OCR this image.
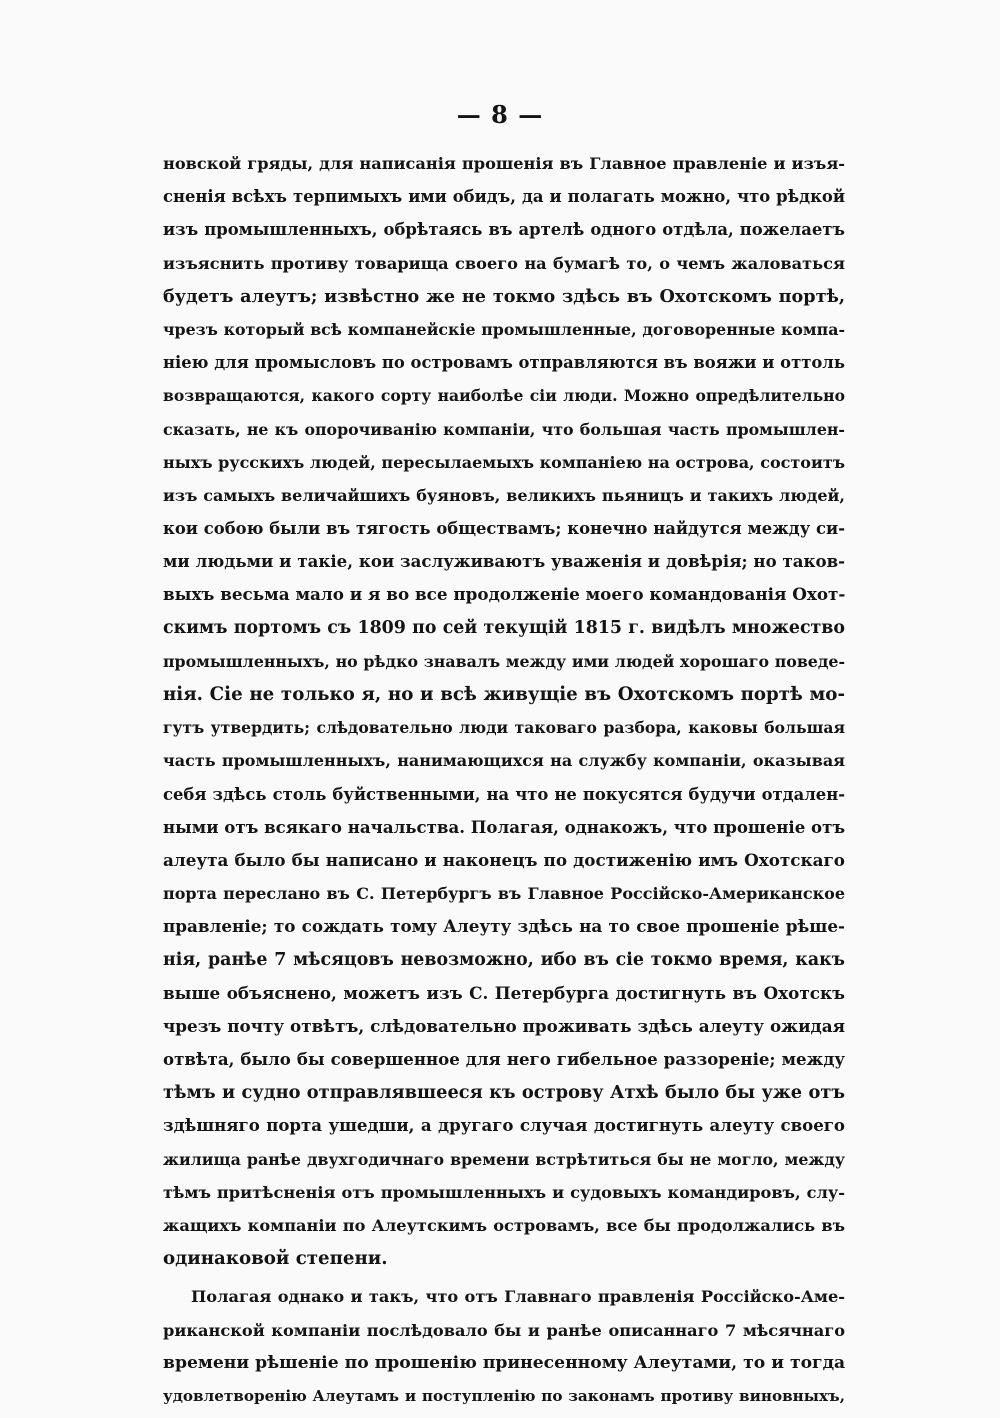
— 8 —
новской гряды, для написанія прошенія въ Главное правленіе и изъя-
сненія всѣхъ терпимыхъ ими обидъ, да и полагать можно, что рѣдкой
изъ промышленныхъ, обрѣтаясь въ артелѣ одного отдѣла, пожелаетъ
изъяснить противу товарища своего на бумагѣ то, о чемъ жаловаться
будетъ алеутъ; извѣстно же не токмо здѣсь въ Охотскомъ портѣ,
чрезъ который всѣ компанейскіе промышленные, договоренные компа-
ніею для промысловъ по островамъ отправляются въ вояжи и оттоль
возвращаются, какого сорту наиболѣе сіи люди. Можно опредѣлительно
сказать, не къ опорочиванію компаніи, что большая часть промышлен-
ныхъ русскихъ людей, пересылаемыхъ компаніею на острова, состоитъ
изъ самыхъ величайшихъ буяновъ, великихъ пьяницъ и такихъ людей,
кои собою были въ тягость обществамъ; конечно найдутся между си-
ми людьми и такіе, кои заслуживаютъ уваженія и довѣрія; но таков-
выхъ весьма мало и я во все продолженіе моего командованія Охот-
скимъ портомъ съ 1809 по сей текущій 1815 г. видѣлъ множество
промышленныхъ, но рѣдко знавалъ между ими людей хорошаго поведе-
нія. Сіе не только я, но и всѣ живущіе въ Охотскомъ портѣ мо-
гутъ утвердить; слѣдовательно люди таковаго разбора, каковы большая
часть промышленныхъ, нанимающихся на службу компаніи, оказывая
себя здѣсь столь буйственными, на что не покусятся будучи отдален-
ными отъ всякаго начальства. Полагая, однакожъ, что прошеніе отъ
алеута было бы написано и наконецъ по достиженію имъ Охотскаго
порта переслано въ С. Петербургъ въ Главное Россійско-Американское
правленіе; то сождать тому Алеуту здѣсь на то свое прошеніе рѣше-
нія, ранѣе 7 мѣсяцовъ невозможно, ибо въ сіе токмо время, какъ
выше объяснено, можетъ изъ С. Петербурга достигнуть въ Охотскъ
чрезъ почту отвѣтъ, слѣдовательно проживать здѣсь алеуту ожидая
отвѣта, было бы совершенное для него гибельное раззореніе; между
тѣмъ и судно отправлявшееся къ острову Атхѣ было бы уже отъ
здѣшняго порта ушедши, а другаго случая достигнуть алеуту своего
жилища ранѣе двухгодичнаго времени встрѣтиться бы не могло, между
тѣмъ притѣсненія отъ промышленныхъ и судовыхъ командировъ, слу-
жащихъ компаніи по Алеутскимъ островамъ, все бы продолжались въ
одинаковой степени.
Полагая однако и такъ, что отъ Главнаго правленія Россійско-Аме-
риканской компаніи послѣдовало бы и ранѣе описаннаго 7 мѣсячнаго
времени рѣшеніе по прошенію принесенному Алеутами, то и тогда
удовлетворенію Алеутамъ и поступленію по законамъ противу виновныхъ,
